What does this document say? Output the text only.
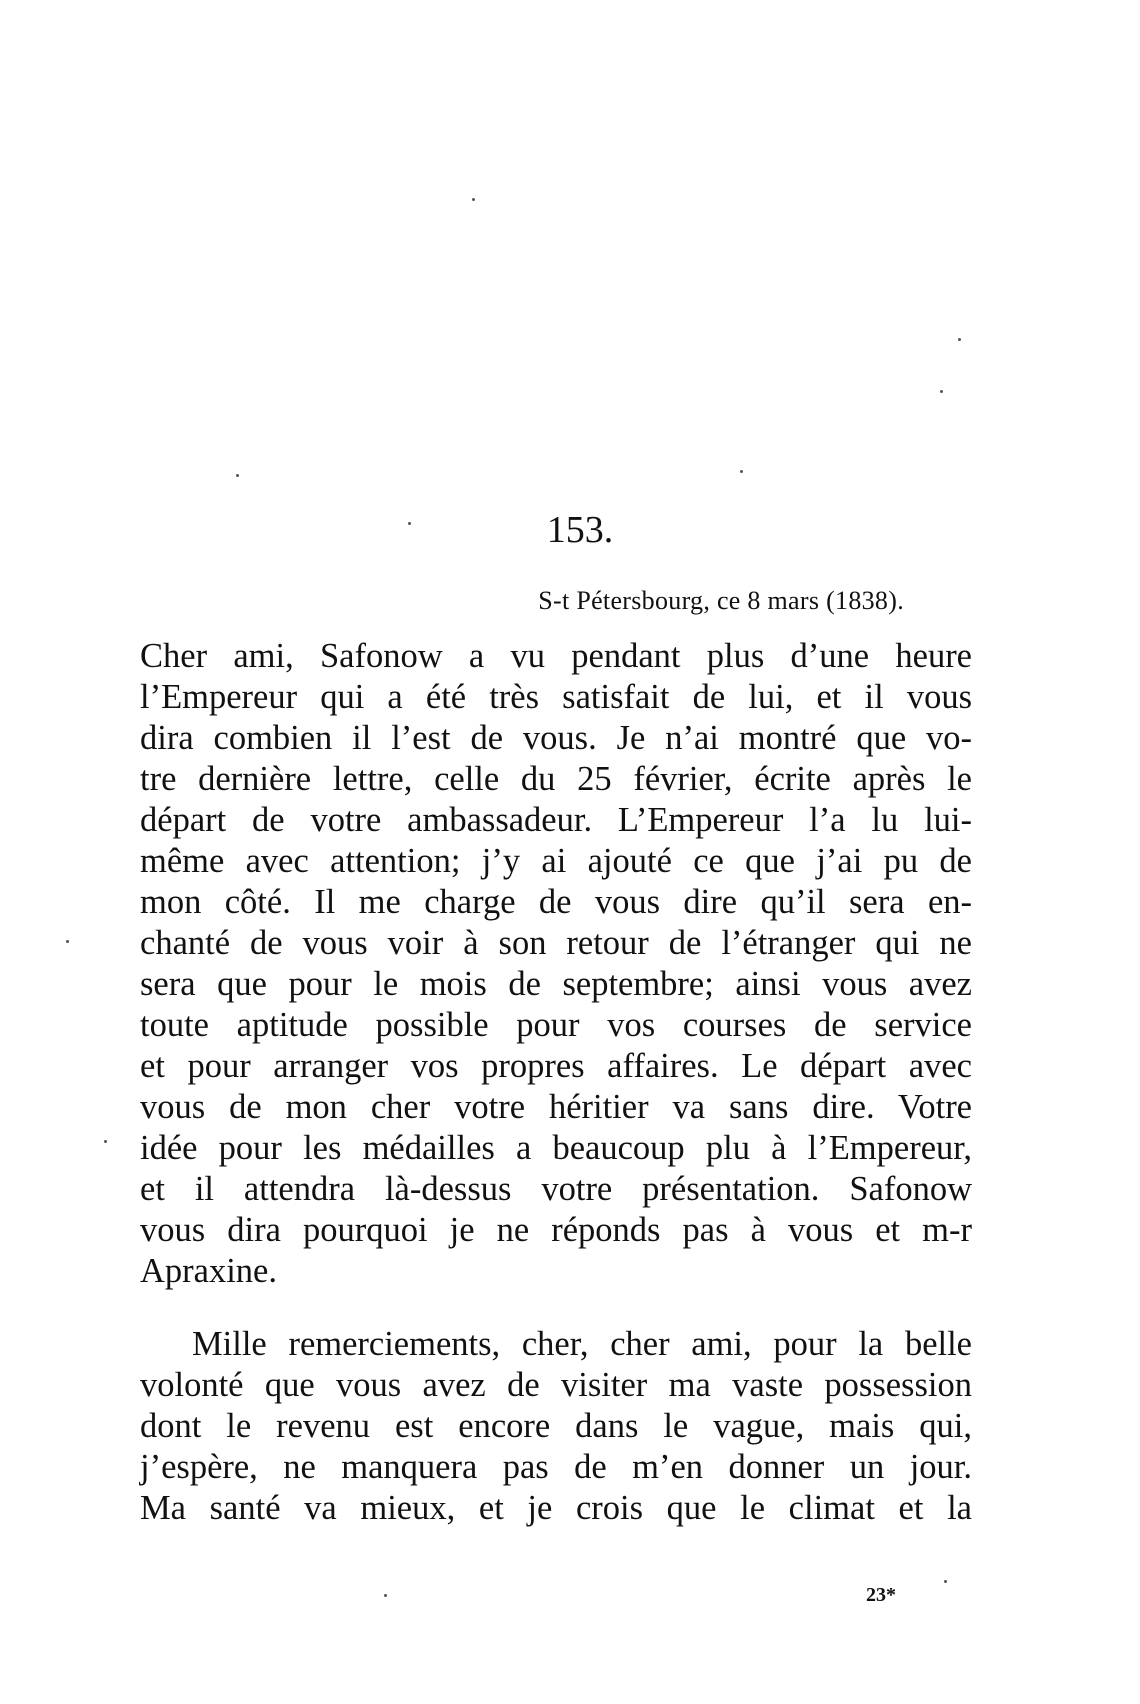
153.
S-t Pétersbourg, ce 8 mars (1838).
Cher ami, Safonow a vu pendant plus d’une heure
l’Empereur qui a été très satisfait de lui, et il vous
dira combien il l’est de vous. Je n’ai montré que vo-
tre dernière lettre, celle du 25 février, écrite après le
départ de votre ambassadeur. L’Empereur l’a lu lui-
même avec attention; j’y ai ajouté ce que j’ai pu de
mon côté. Il me charge de vous dire qu’il sera en-
chanté de vous voir à son retour de l’étranger qui ne
sera que pour le mois de septembre; ainsi vous avez
toute aptitude possible pour vos courses de service
et pour arranger vos propres affaires. Le départ avec
vous de mon cher votre héritier va sans dire. Votre
idée pour les médailles a beaucoup plu à l’Empereur,
et il attendra là-dessus votre présentation. Safonow
vous dira pourquoi je ne réponds pas à vous et m-r
Apraxine.
Mille remerciements, cher, cher ami, pour la belle
volonté que vous avez de visiter ma vaste possession
dont le revenu est encore dans le vague, mais qui,
j’espère, ne manquera pas de m’en donner un jour.
Ma santé va mieux, et je crois que le climat et la
23*
